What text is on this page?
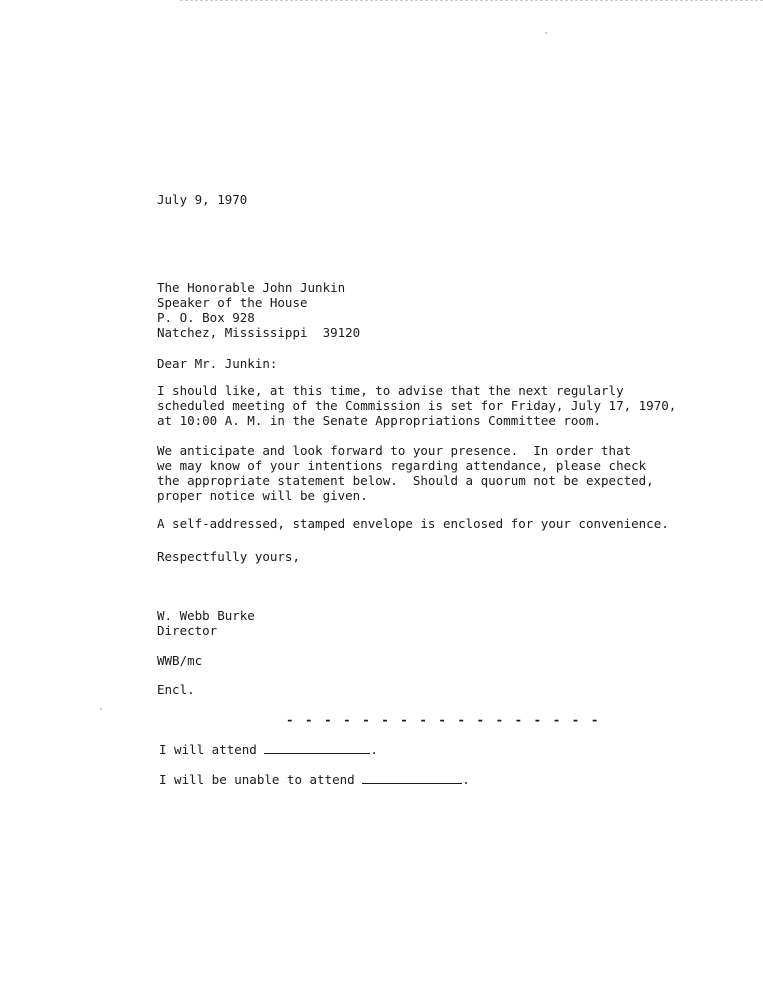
July 9, 1970
The Honorable John Junkin
Speaker of the House
P. O. Box 928
Natchez, Mississippi  39120
Dear Mr. Junkin:
I should like, at this time, to advise that the next regularly
scheduled meeting of the Commission is set for Friday, July 17, 1970,
at 10:00 A. M. in the Senate Appropriations Committee room.
We anticipate and look forward to your presence.  In order that
we may know of your intentions regarding attendance, please check
the appropriate statement below.  Should a quorum not be expected,
proper notice will be given.
A self-addressed, stamped envelope is enclosed for your convenience.
Respectfully yours,
W. Webb Burke
Director
WWB/mc
Encl.
- - - - - - - - - - - - - - - - -
I will attend	.
I will be unable to attend	.
